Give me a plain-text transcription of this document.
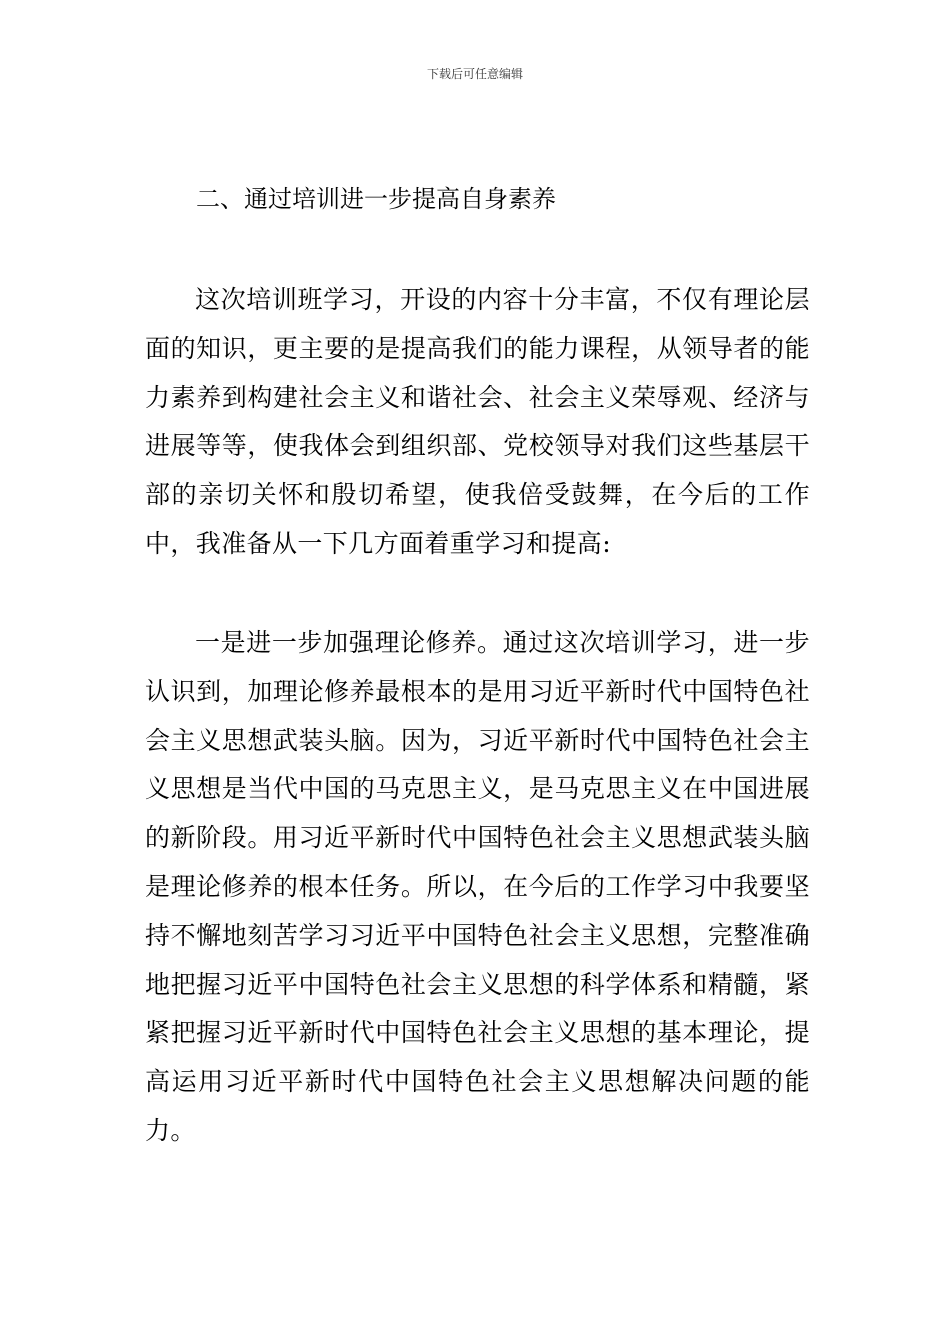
下载后可任意编辑
二、通过培训进一步提高自身素养

这次培训班学习，开设的内容十分丰富，不仅有理论层面的知识，更主要的是提高我们的能力课程，从领导者的能力素养到构建社会主义和谐社会、社会主义荣辱观、经济与进展等等，使我体会到组织部、党校领导对我们这些基层干部的亲切关怀和殷切希望，使我倍受鼓舞，在今后的工作中，我准备从一下几方面着重学习和提高:

一是进一步加强理论修养。通过这次培训学习，进一步认识到，加理论修养最根本的是用习近平新时代中国特色社会主义思想武装头脑。因为，习近平新时代中国特色社会主义思想是当代中国的马克思主义，是马克思主义在中国进展的新阶段。用习近平新时代中国特色社会主义思想武装头脑是理论修养的根本任务。所以，在今后的工作学习中我要坚持不懈地刻苦学习习近平中国特色社会主义思想，完整准确地把握习近平中国特色社会主义思想的科学体系和精髓，紧紧把握习近平新时代中国特色社会主义思想的基本理论，提高运用习近平新时代中国特色社会主义思想解决问题的能力。
